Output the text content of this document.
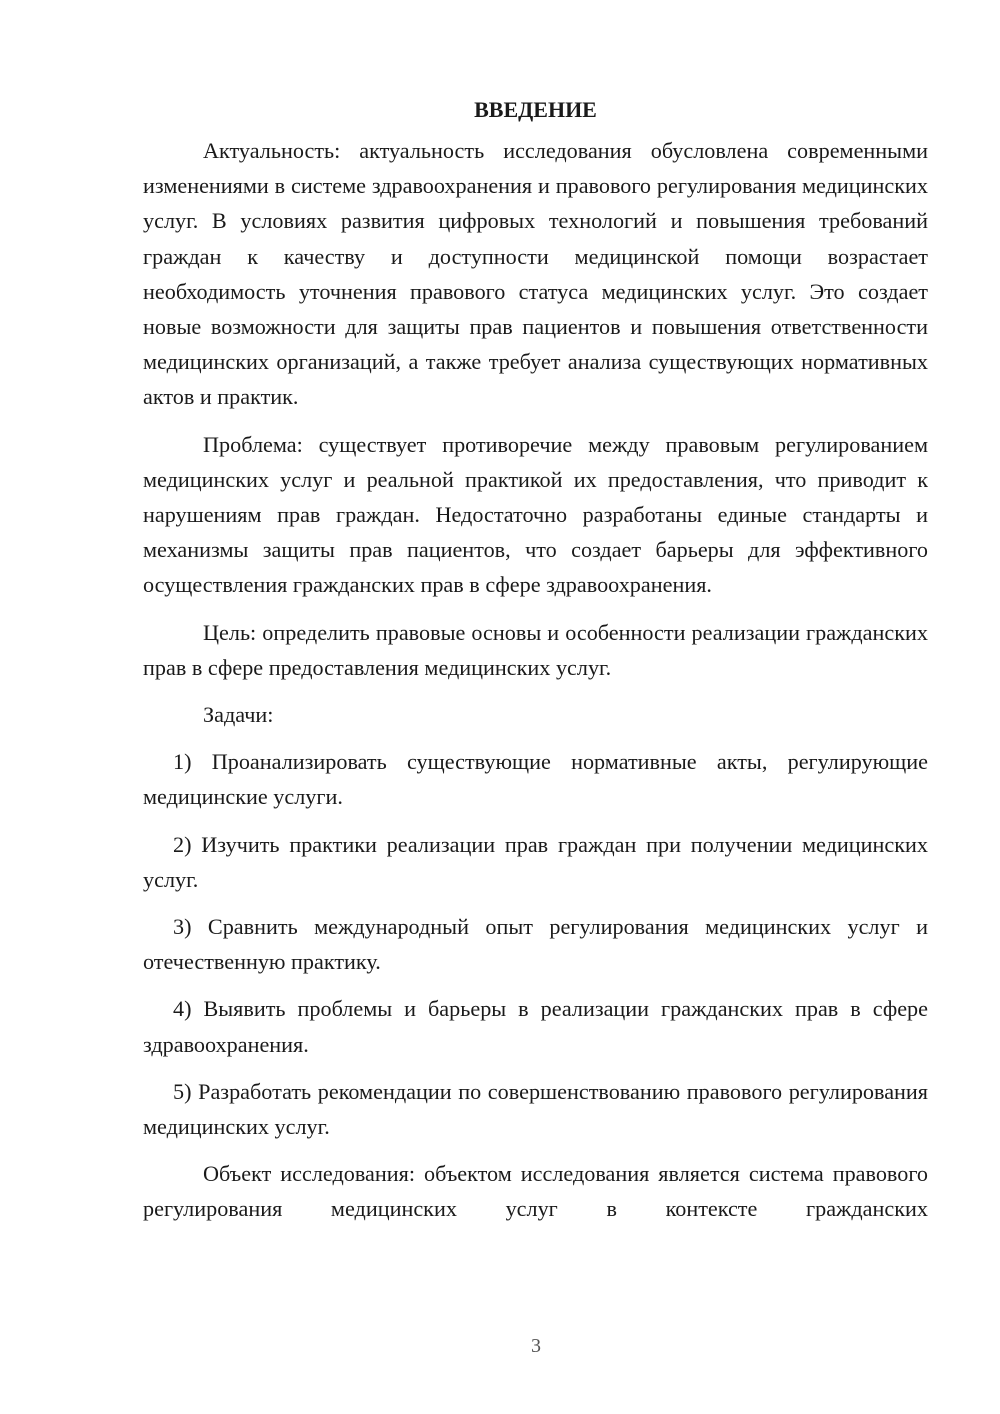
ВВЕДЕНИЕ

Актуальность: актуальность исследования обусловлена современными изменениями в системе здравоохранения и правового регулирования медицинских услуг. В условиях развития цифровых технологий и повышения требований граждан к качеству и доступности медицинской помощи возрастает необходимость уточнения правового статуса медицинских услуг. Это создает новые возможности для защиты прав пациентов и повышения ответственности медицинских организаций, а также требует анализа существующих нормативных актов и практик.

Проблема: существует противоречие между правовым регулированием медицинских услуг и реальной практикой их предоставления, что приводит к нарушениям прав граждан. Недостаточно разработаны единые стандарты и механизмы защиты прав пациентов, что создает барьеры для эффективного осуществления гражданских прав в сфере здравоохранения.

Цель: определить правовые основы и особенности реализации гражданских прав в сфере предоставления медицинских услуг.

Задачи:

1) Проанализировать существующие нормативные акты, регулирующие медицинские услуги.

2) Изучить практики реализации прав граждан при получении медицинских услуг.

3) Сравнить международный опыт регулирования медицинских услуг и отечественную практику.

4) Выявить проблемы и барьеры в реализации гражданских прав в сфере здравоохранения.

5) Разработать рекомендации по совершенствованию правового регулирования медицинских услуг.

Объект исследования: объектом исследования является система правового регулирования медицинских услуг в контексте гражданских

3
